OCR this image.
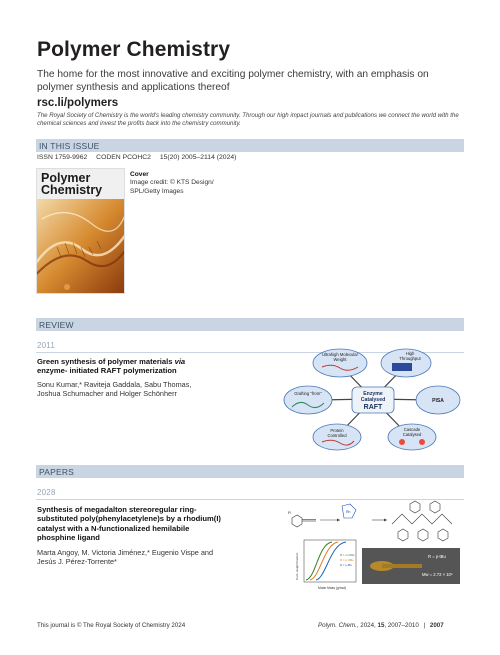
Polymer Chemistry
The home for the most innovative and exciting polymer chemistry, with an emphasis on polymer synthesis and applications thereof
rsc.li/polymers
The Royal Society of Chemistry is the world's leading chemistry community. Through our high impact journals and publications we connect the world with the chemical sciences and invest the profits back into the chemistry community.
IN THIS ISSUE
ISSN 1759-9962 CODEN PCOHC2 15(20) 2005–2114 (2024)
Polymer
Chemistry
Cover
Image credit: © KTS Design/
SPL/Getty Images
REVIEW
2011
Green synthesis of polymer materials via
enzyme- initiated RAFT polymerization
Sonu Kumar,* Raviteja Gaddala, Sabu Thomas,
Joshua Schumacher and Holger Schönherr
Ultrahigh Molecular
Weight
High
Throughput
Grafting "from"
PISA
Protein
Controlled
Cascade
Catalysed
Enzyme
Catalysed
RAFT
PAPERS
2028
Synthesis of megadalton stereoregular ring-
substituted poly(phenylacetylene)s by a rhodium(I)
catalyst with a N-functionalized hemilabile
phosphine ligand
Marta Angoy, M. Victoria Jiménez,* Eugenio Vispe and
Jesús J. Pérez-Torrente*
R	Rh
Cum. weight fraction
Molar Mass (g/mol)
R = m-OMe
R = p-OMe
R = p-tBu
R = p-tBu
Mw = 2.72 × 10⁶
This journal is © The Royal Society of Chemistry 2024	Polym. Chem., 2024, 15, 2007–2010 | 2007
